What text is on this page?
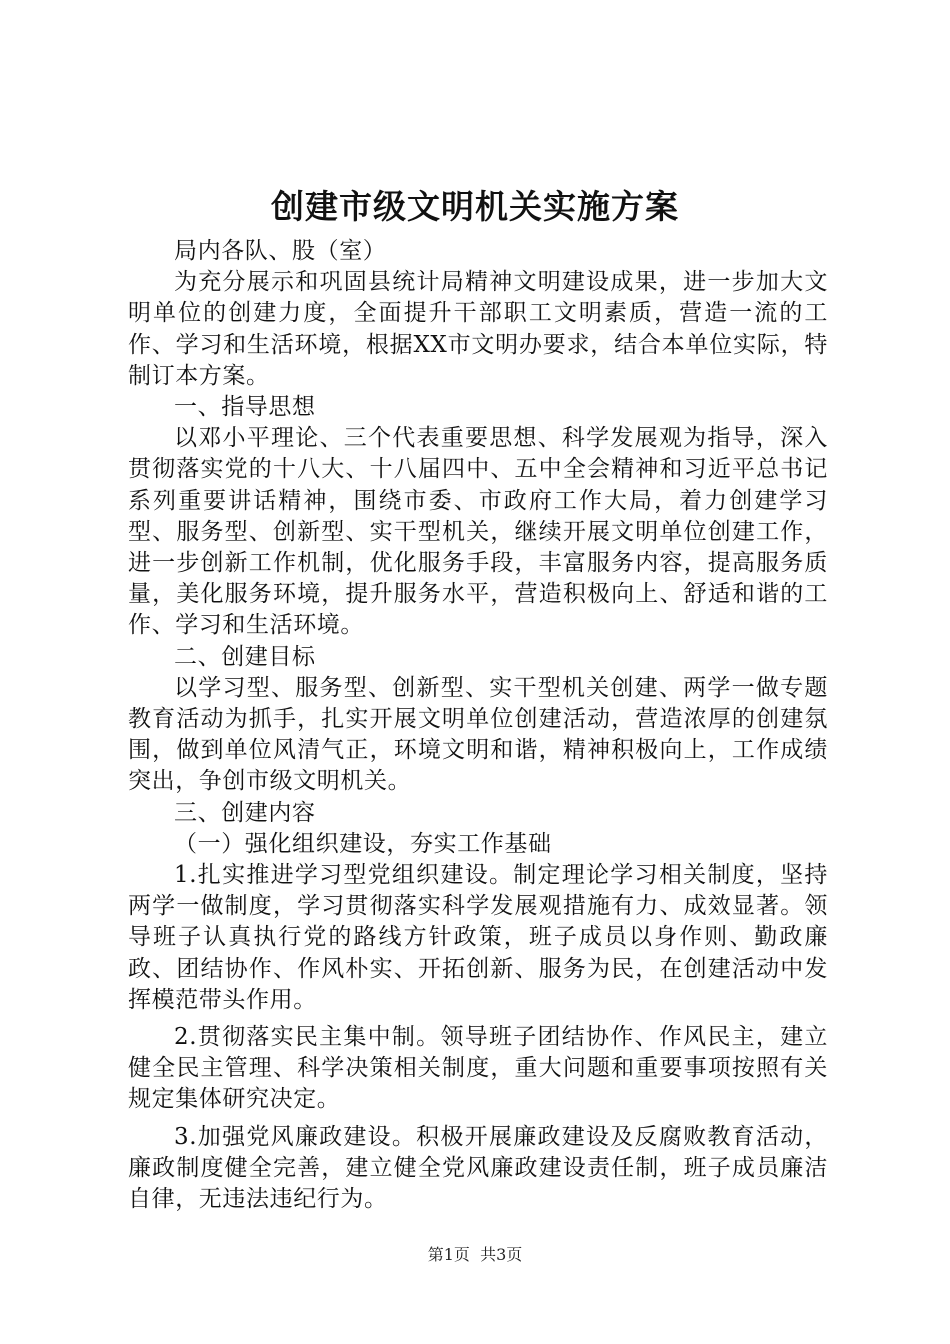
创建市级文明机关实施方案

局内各队、股（室）

为充分展示和巩固县统计局精神文明建设成果，进一步加大文明单位的创建力度，全面提升干部职工文明素质，营造一流的工作、学习和生活环境，根据XX市文明办要求，结合本单位实际，特制订本方案。

一、指导思想

以邓小平理论、三个代表重要思想、科学发展观为指导，深入贯彻落实党的十八大、十八届四中、五中全会精神和习近平总书记系列重要讲话精神，围绕市委、市政府工作大局，着力创建学习型、服务型、创新型、实干型机关，继续开展文明单位创建工作，进一步创新工作机制，优化服务手段，丰富服务内容，提高服务质量，美化服务环境，提升服务水平，营造积极向上、舒适和谐的工作、学习和生活环境。

二、创建目标

以学习型、服务型、创新型、实干型机关创建、两学一做专题教育活动为抓手，扎实开展文明单位创建活动，营造浓厚的创建氛围，做到单位风清气正，环境文明和谐，精神积极向上，工作成绩突出，争创市级文明机关。

三、创建内容

（一）强化组织建设，夯实工作基础

1.扎实推进学习型党组织建设。制定理论学习相关制度，坚持两学一做制度，学习贯彻落实科学发展观措施有力、成效显著。领导班子认真执行党的路线方针政策，班子成员以身作则、勤政廉政、团结协作、作风朴实、开拓创新、服务为民，在创建活动中发挥模范带头作用。

2.贯彻落实民主集中制。领导班子团结协作、作风民主，建立健全民主管理、科学决策相关制度，重大问题和重要事项按照有关规定集体研究决定。

3.加强党风廉政建设。积极开展廉政建设及反腐败教育活动，廉政制度健全完善，建立健全党风廉政建设责任制，班子成员廉洁自律，无违法违纪行为。

第1页  共3页
